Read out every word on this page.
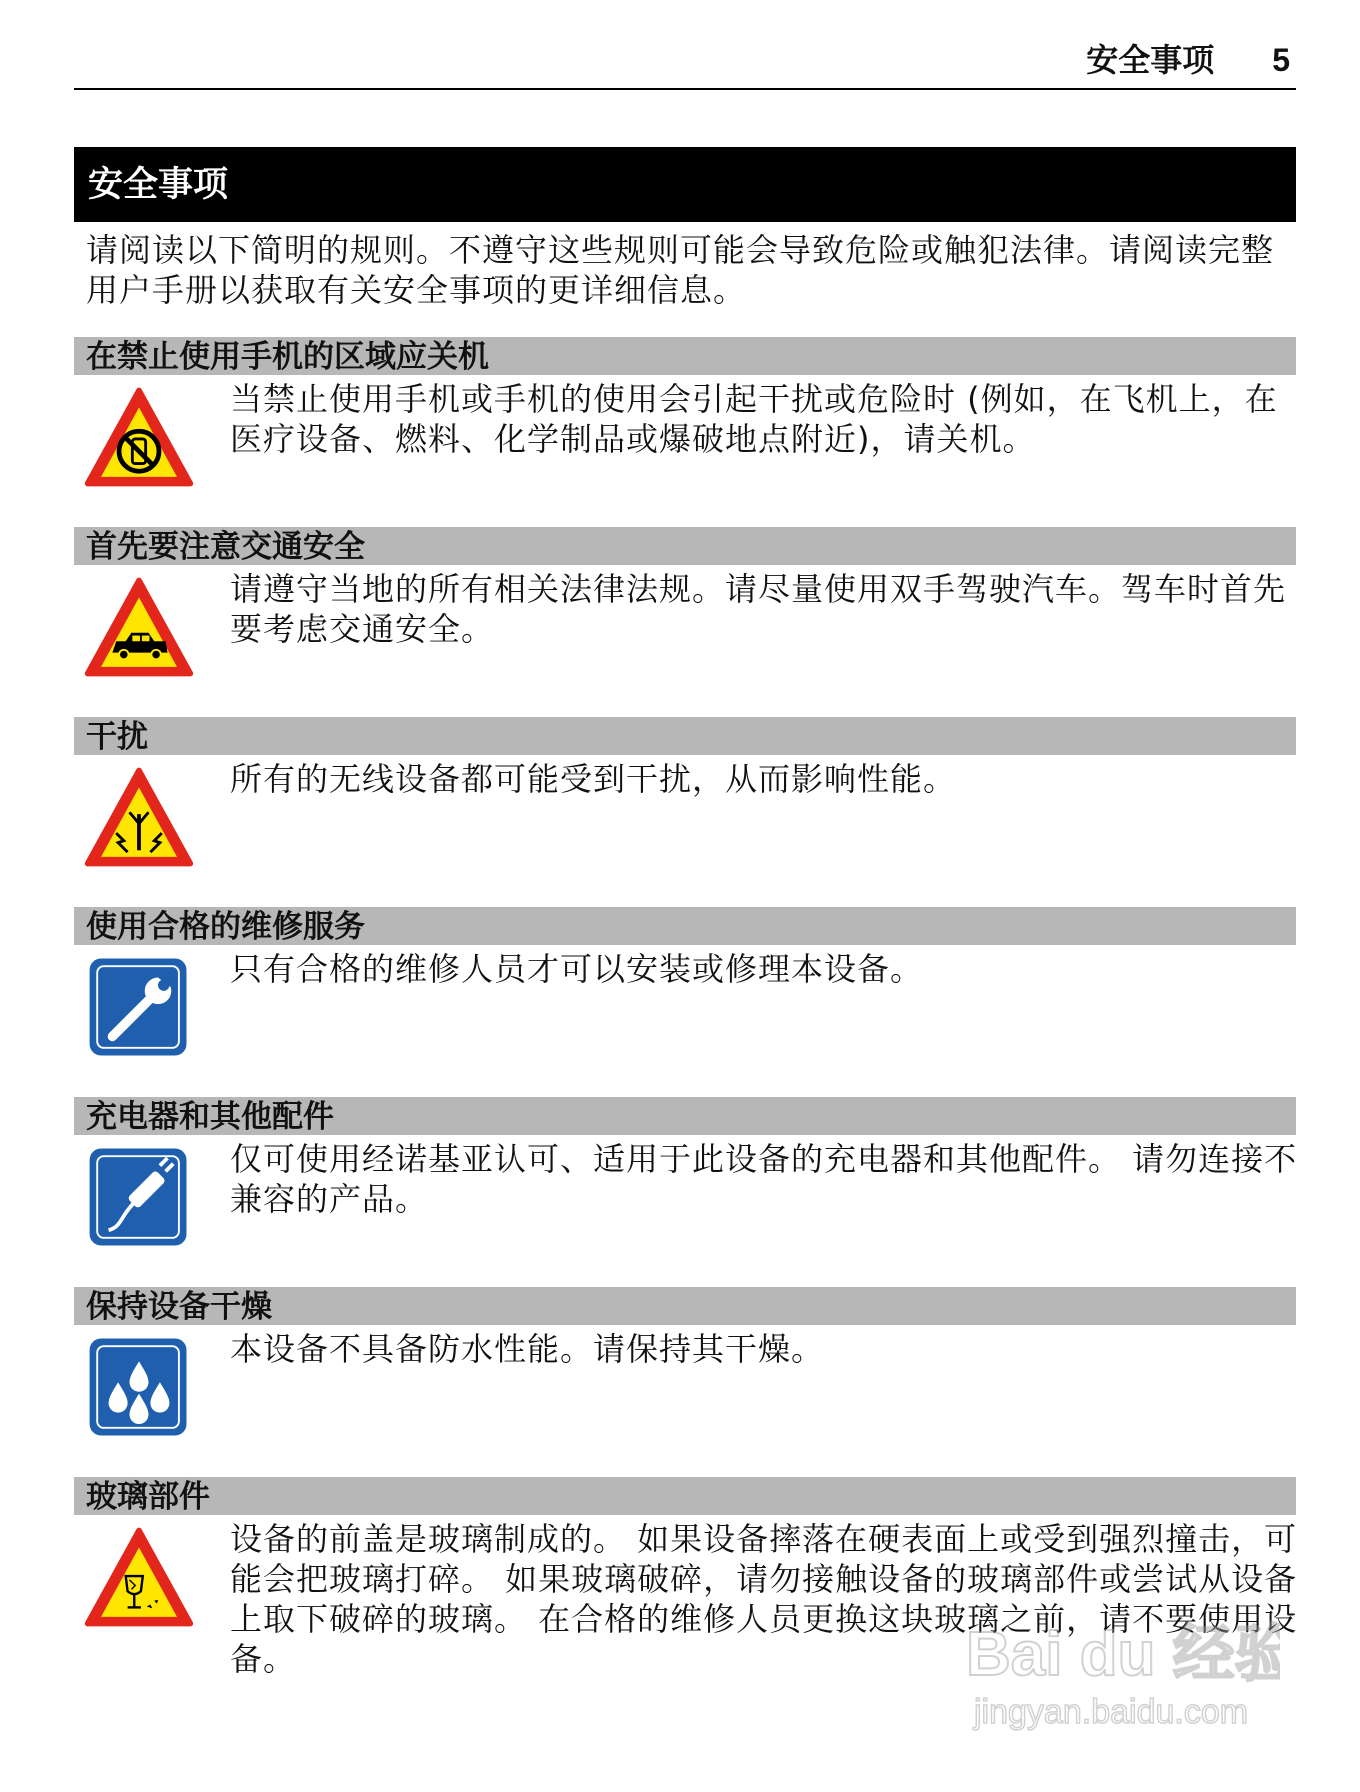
安全事项 5
安全事项
请阅读以下简明的规则。不遵守这些规则可能会导致危险或触犯法律。请阅读完整用户手册以获取有关安全事项的更详细信息。
在禁止使用手机的区域应关机
当禁止使用手机或手机的使用会引起干扰或危险时 (例如，在飞机上，在医疗设备、燃料、化学制品或爆破地点附近)，请关机。
首先要注意交通安全
请遵守当地的所有相关法律法规。请尽量使用双手驾驶汽车。驾车时首先要考虑交通安全。
干扰
所有的无线设备都可能受到干扰，从而影响性能。
使用合格的维修服务
只有合格的维修人员才可以安装或修理本设备。
充电器和其他配件
仅可使用经诺基亚认可、适用于此设备的充电器和其他配件。 请勿连接不兼容的产品。
保持设备干燥
本设备不具备防水性能。请保持其干燥。
玻璃部件
设备的前盖是玻璃制成的。 如果设备摔落在硬表面上或受到强烈撞击，可能会把玻璃打碎。 如果玻璃破碎，请勿接触设备的玻璃部件或尝试从设备上取下破碎的玻璃。 在合格的维修人员更换这块玻璃之前，请不要使用设备。	Bai du 经验
jingyan.baidu.com
